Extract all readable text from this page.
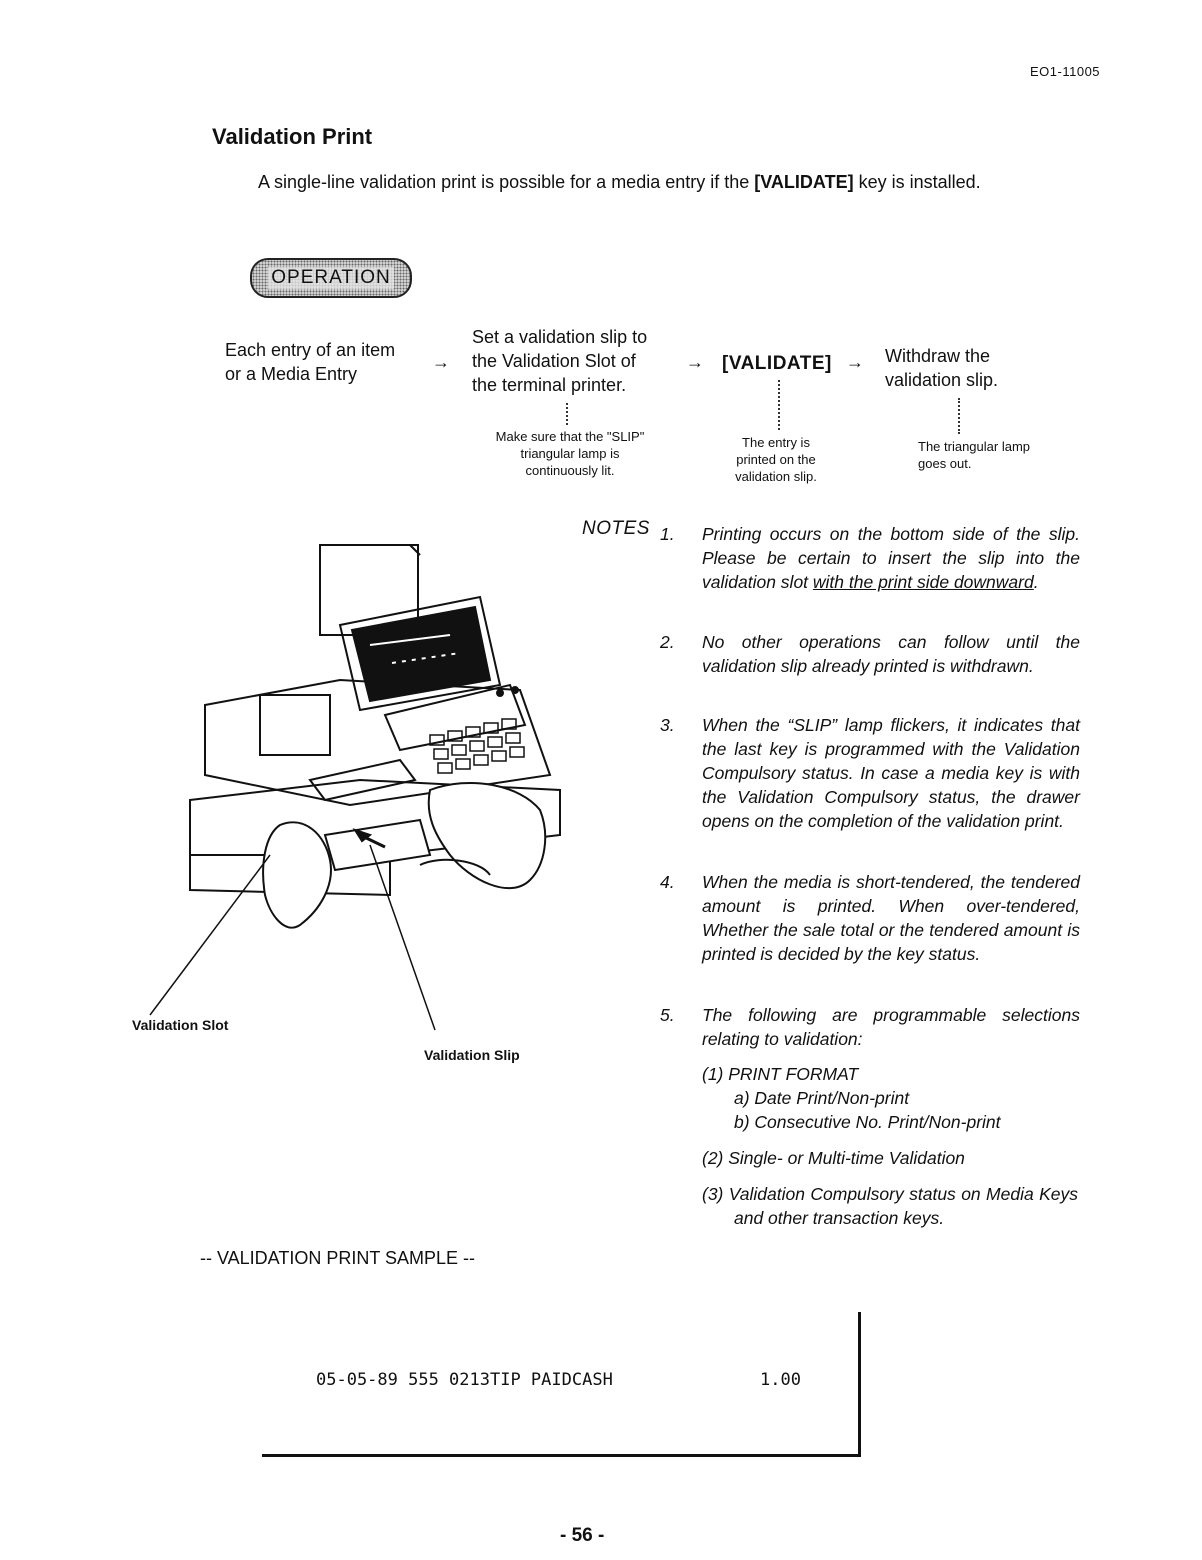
EO1-11005
Validation Print
A single-line validation print is possible for a media entry if the [VALIDATE] key is installed.
OPERATION
Each entry of an item
or a Media Entry
→
Set a validation slip to
the Validation Slot of
the terminal printer.
→ [VALIDATE] → Withdraw the
validation slip.
Make sure that the "SLIP"
triangular lamp is
continuously lit.
The entry is
printed on the
validation slip.
The triangular lamp
goes out.
Validation Slot
Validation Slip
NOTES 1. Printing occurs on the bottom side of the slip. Please be certain to insert the slip into the validation slot with the print side downward.
2. No other operations can follow until the validation slip already printed is withdrawn.
3. When the “SLIP” lamp flickers, it indicates that the last key is programmed with the Validation Compulsory status. In case a media key is with the Validation Compulsory status, the drawer opens on the completion of the validation print.
4. When the media is short-tendered, the tendered amount is printed. When over-tendered, Whether the sale total or the tendered amount is printed is decided by the key status.
5. The following are programmable selections relating to validation:
(1) PRINT FORMAT
a) Date Print/Non-print
b) Consecutive No. Print/Non-print
(2) Single- or Multi-time Validation
(3) Validation Compulsory status on Media Keys and other transaction keys.
-- VALIDATION PRINT SAMPLE --
05-05-89 555 0213TIP PAIDCASH	1.00
- 56 -
